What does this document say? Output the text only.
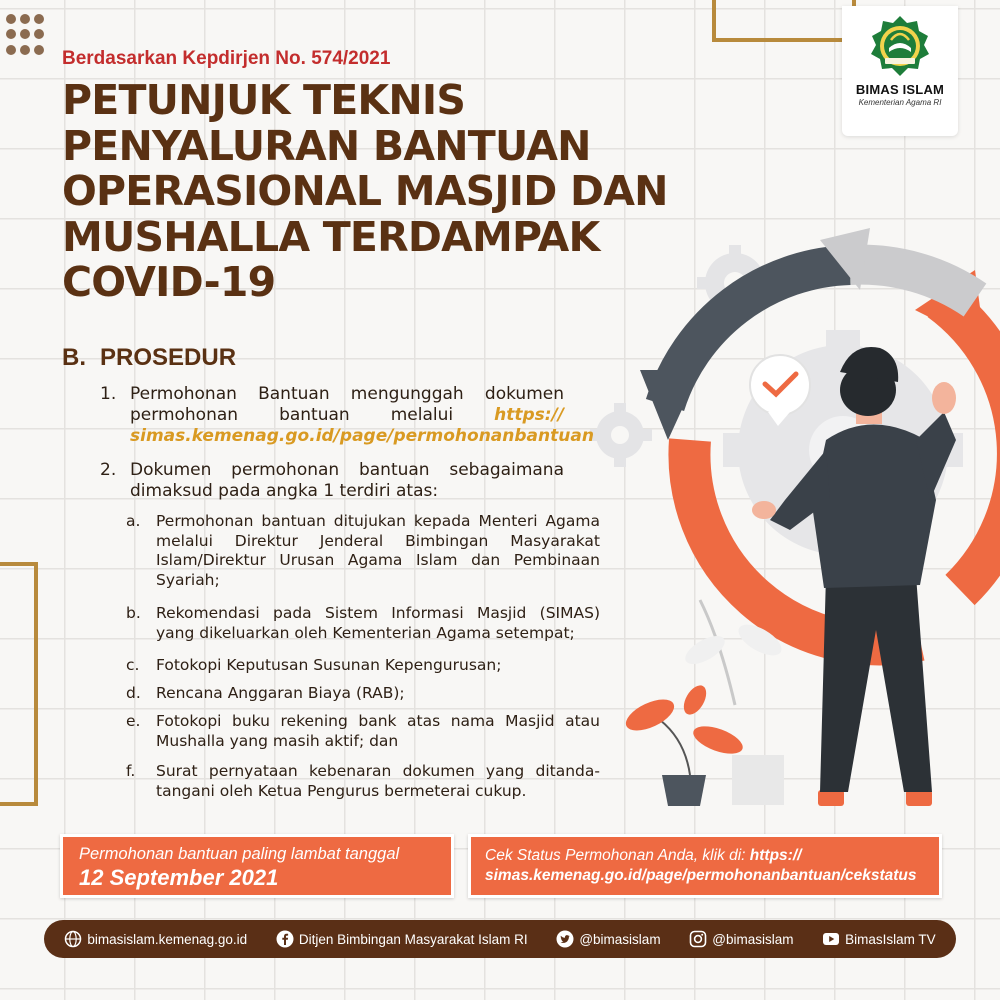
BIMAS ISLAM
Kementerian Agama RI
Berdasarkan Kepdirjen No. 574/2021
PETUNJUK TEKNIS PENYALURAN BANTUAN OPERASIONAL MASJID DAN MUSHALLA TERDAMPAK COVID-19
B. PROSEDUR
1. Permohonan Bantuan mengunggah dokumen permohonan bantuan melalui https:// simas.kemenag.go.id/page/permohonanbantuan
2. Dokumen permohonan bantuan sebagaimana dimaksud pada angka 1 terdiri atas:
a. Permohonan bantuan ditujukan kepada Menteri Agama melalui Direktur Jenderal Bimbingan Masyarakat Islam/Direktur Urusan Agama Islam dan Pembinaan Syariah;
b. Rekomendasi pada Sistem Informasi Masjid (SIMAS) yang dikeluarkan oleh Kementerian Agama setempat;
c. Fotokopi Keputusan Susunan Kepengurusan;
d. Rencana Anggaran Biaya (RAB);
e. Fotokopi buku rekening bank atas nama Masjid atau Mushalla yang masih aktif; dan
f. Surat pernyataan kebenaran dokumen yang ditanda-tangani oleh Ketua Pengurus bermeterai cukup.
Permohonan bantuan paling lambat tanggal
12 September 2021
Cek Status Permohonan Anda, klik di: https://
simas.kemenag.go.id/page/permohonanbantuan/cekstatus
bimasislam.kemenag.go.id	Ditjen Bimbingan Masyarakat Islam RI	@bimasislam	@bimasislam	BimasIslam TV
